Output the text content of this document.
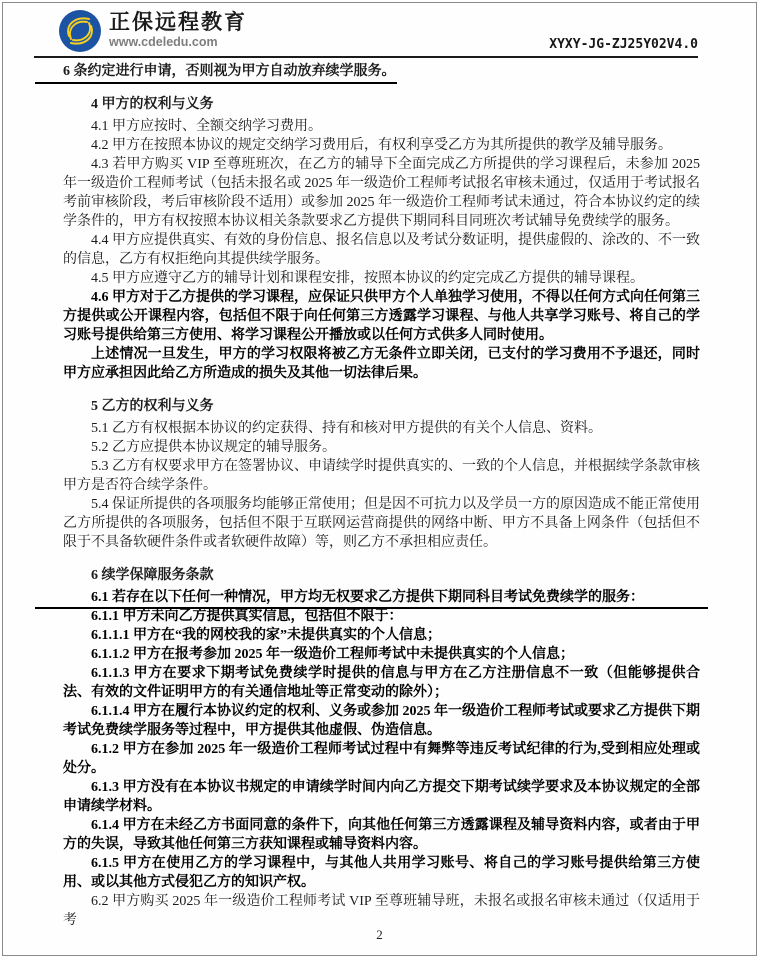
正保远程教育
www.cdeledu.com	XYXY-JG-ZJ25Y02V4.0

6 条约定进行申请，否则视为甲方自动放弃续学服务。

4 甲方的权利与义务

4.1 甲方应按时、全额交纳学习费用。

4.2 甲方在按照本协议的规定交纳学习费用后，有权利享受乙方为其所提供的教学及辅导服务。

4.3 若甲方购买 VIP 至尊班班次，在乙方的辅导下全面完成乙方所提供的学习课程后，未参加 2025 年一级造价工程师考试（包括未报名或 2025 年一级造价工程师考试报名审核未通过，仅适用于考试报名考前审核阶段，考后审核阶段不适用）或参加 2025 年一级造价工程师考试未通过，符合本协议约定的续学条件的，甲方有权按照本协议相关条款要求乙方提供下期同科目同班次考试辅导免费续学的服务。

4.4 甲方应提供真实、有效的身份信息、报名信息以及考试分数证明，提供虚假的、涂改的、不一致的信息，乙方有权拒绝向其提供续学服务。

4.5 甲方应遵守乙方的辅导计划和课程安排，按照本协议的约定完成乙方提供的辅导课程。

4.6 甲方对于乙方提供的学习课程，应保证只供甲方个人单独学习使用，不得以任何方式向任何第三方提供或公开课程内容，包括但不限于向任何第三方透露学习课程、与他人共享学习账号、将自己的学习账号提供给第三方使用、将学习课程公开播放或以任何方式供多人同时使用。

上述情况一旦发生，甲方的学习权限将被乙方无条件立即关闭，已支付的学习费用不予退还，同时甲方应承担因此给乙方所造成的损失及其他一切法律后果。

5 乙方的权利与义务

5.1 乙方有权根据本协议的约定获得、持有和核对甲方提供的有关个人信息、资料。

5.2 乙方应提供本协议规定的辅导服务。

5.3 乙方有权要求甲方在签署协议、申请续学时提供真实的、一致的个人信息，并根据续学条款审核甲方是否符合续学条件。

5.4 保证所提供的各项服务均能够正常使用；但是因不可抗力以及学员一方的原因造成不能正常使用乙方所提供的各项服务，包括但不限于互联网运营商提供的网络中断、甲方不具备上网条件（包括但不限于不具备软硬件条件或者软硬件故障）等，则乙方不承担相应责任。

6 续学保障服务条款

6.1 若存在以下任何一种情况，甲方均无权要求乙方提供下期同科目考试免费续学的服务：

6.1.1 甲方未向乙方提供真实信息，包括但不限于：

6.1.1.1 甲方在“我的网校我的家”未提供真实的个人信息；

6.1.1.2 甲方在报考参加 2025 年一级造价工程师考试中未提供真实的个人信息；

6.1.1.3 甲方在要求下期考试免费续学时提供的信息与甲方在乙方注册信息不一致（但能够提供合法、有效的文件证明甲方的有关通信地址等正常变动的除外）；

6.1.1.4 甲方在履行本协议约定的权利、义务或参加 2025 年一级造价工程师考试或要求乙方提供下期考试免费续学服务等过程中，甲方提供其他虚假、伪造信息。

6.1.2 甲方在参加 2025 年一级造价工程师考试过程中有舞弊等违反考试纪律的行为,受到相应处理或处分。

6.1.3 甲方没有在本协议书规定的申请续学时间内向乙方提交下期考试续学要求及本协议规定的全部申请续学材料。

6.1.4 甲方在未经乙方书面同意的条件下，向其他任何第三方透露课程及辅导资料内容，或者由于甲方的失误，导致其他任何第三方获知课程或辅导资料内容。

6.1.5 甲方在使用乙方的学习课程中，与其他人共用学习账号、将自己的学习账号提供给第三方使用、或以其他方式侵犯乙方的知识产权。

6.2 甲方购买 2025 年一级造价工程师考试 VIP 至尊班辅导班，未报名或报名审核未通过（仅适用于考

2
